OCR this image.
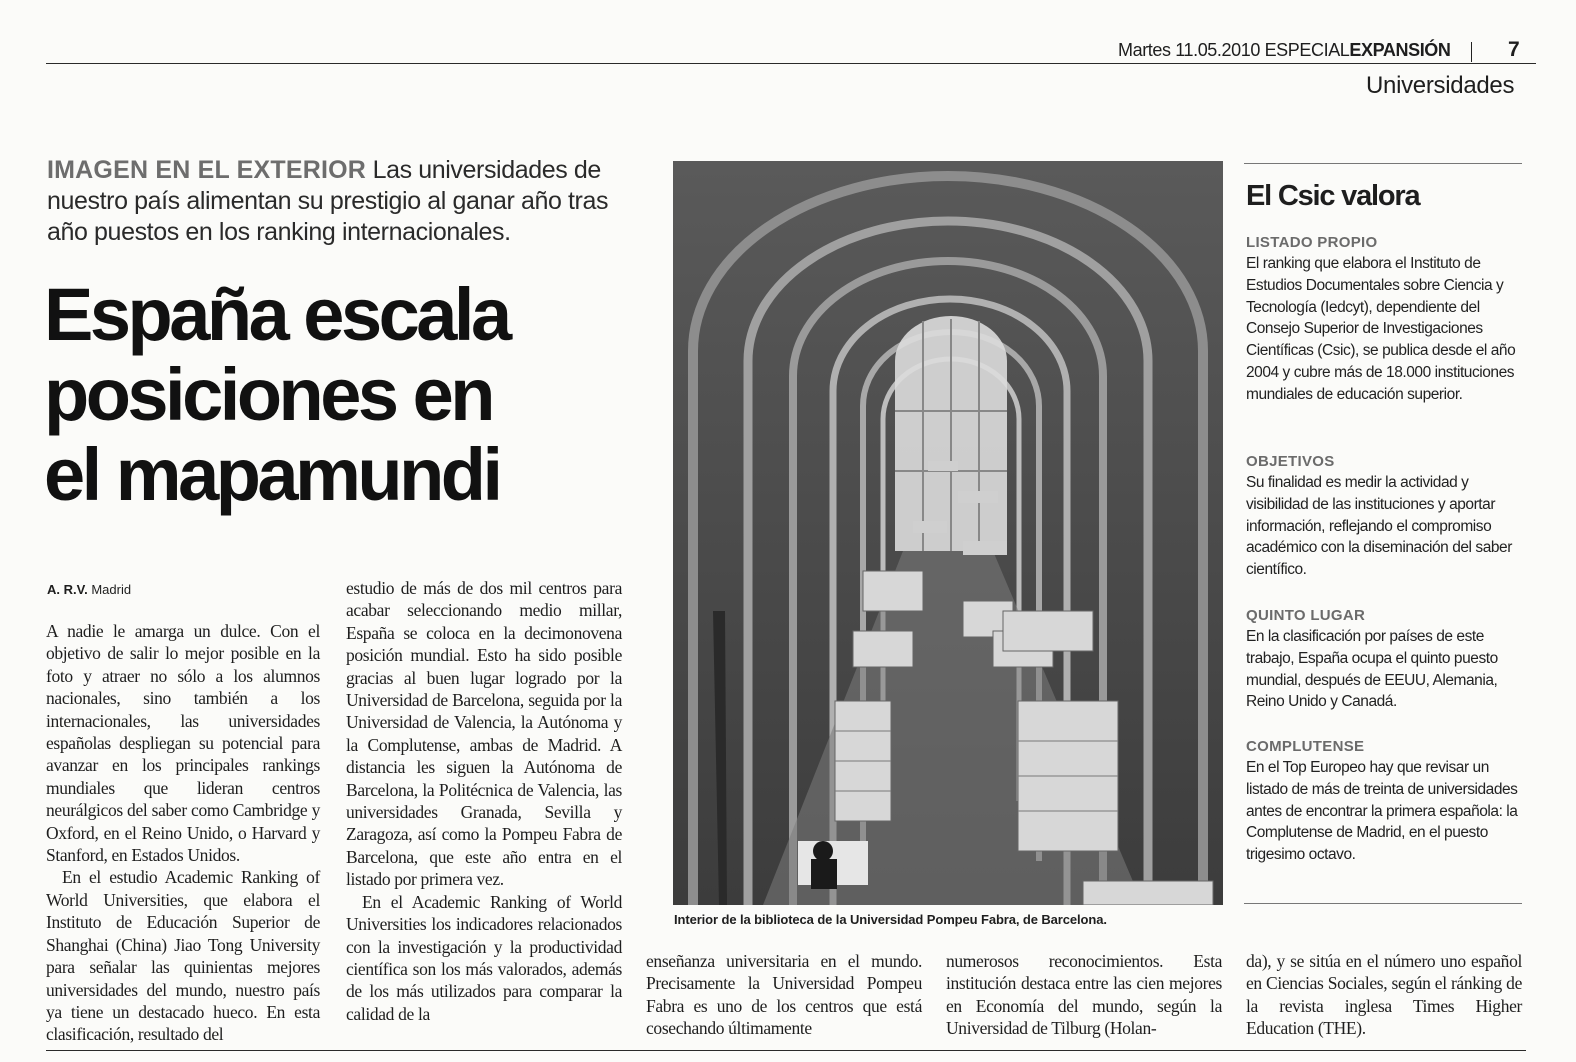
Martes 11.05.2010 ESPECIALEXPANSIÓN	7
Universidades
IMAGEN EN EL EXTERIOR Las universidades de nuestro país alimentan su prestigio al ganar año tras año puestos en los ranking internacionales.
España escala
posiciones en
el mapamundi
A. R.V. Madrid

A nadie le amarga un dulce. Con el objetivo de salir lo mejor posible en la foto y atraer no sólo a los alumnos nacionales, sino también a los internacionales, las universidades españolas despliegan su potencial para avanzar en los principales rankings mundiales que lideran centros neurálgicos del saber como Cambridge y Oxford, en el Reino Unido, o Harvard y Stanford, en Estados Unidos.

En el estudio Academic Ranking of World Universities, que elabora el Instituto de Educación Superior de Shanghai (China) Jiao Tong University para señalar las quinientas mejores universidades del mundo, nuestro país ya tiene un destacado hueco. En esta clasificación, resultado del

estudio de más de dos mil centros para acabar seleccionando medio millar, España se coloca en la decimonovena posición mundial. Esto ha sido posible gracias al buen lugar logrado por la Universidad de Barcelona, seguida por la Universidad de Valencia, la Autónoma y la Complutense, ambas de Madrid. A distancia les siguen la Autónoma de Barcelona, la Politécnica de Valencia, las universidades Granada, Sevilla y Zaragoza, así como la Pompeu Fabra de Barcelona, que este año entra en el listado por primera vez.

En el Academic Ranking of World Universities los indicadores relacionados con la investigación y la productividad científica son los más valorados, además de los más utilizados para comparar la calidad de la

enseñanza universitaria en el mundo. Precisamente la Universidad Pompeu Fabra es uno de los centros que está cosechando últimamente

numerosos reconocimientos. Esta institución destaca entre las cien mejores en Economía del mundo, según la Universidad de Tilburg (Holan-

da), y se sitúa en el número uno español en Ciencias Sociales, según el ránking de la revista inglesa Times Higher Education (THE).

Interior de la biblioteca de la Universidad Pompeu Fabra, de Barcelona.
El Csic valora
LISTADO PROPIO
El ranking que elabora el Instituto de Estudios Documentales sobre Ciencia y Tecnología (Iedcyt), dependiente del Consejo Superior de Investigaciones Científicas (Csic), se publica desde el año 2004 y cubre más de 18.000 instituciones mundiales de educación superior.
OBJETIVOS
Su finalidad es medir la actividad y visibilidad de las instituciones y aportar información, reflejando el compromiso académico con la diseminación del saber científico.
QUINTO LUGAR
En la clasificación por países de este trabajo, España ocupa el quinto puesto mundial, después de EEUU, Alemania, Reino Unido y Canadá.
COMPLUTENSE
En el Top Europeo hay que revisar un listado de más de treinta de universidades antes de encontrar la primera española: la Complutense de Madrid, en el puesto trigesimo octavo.
